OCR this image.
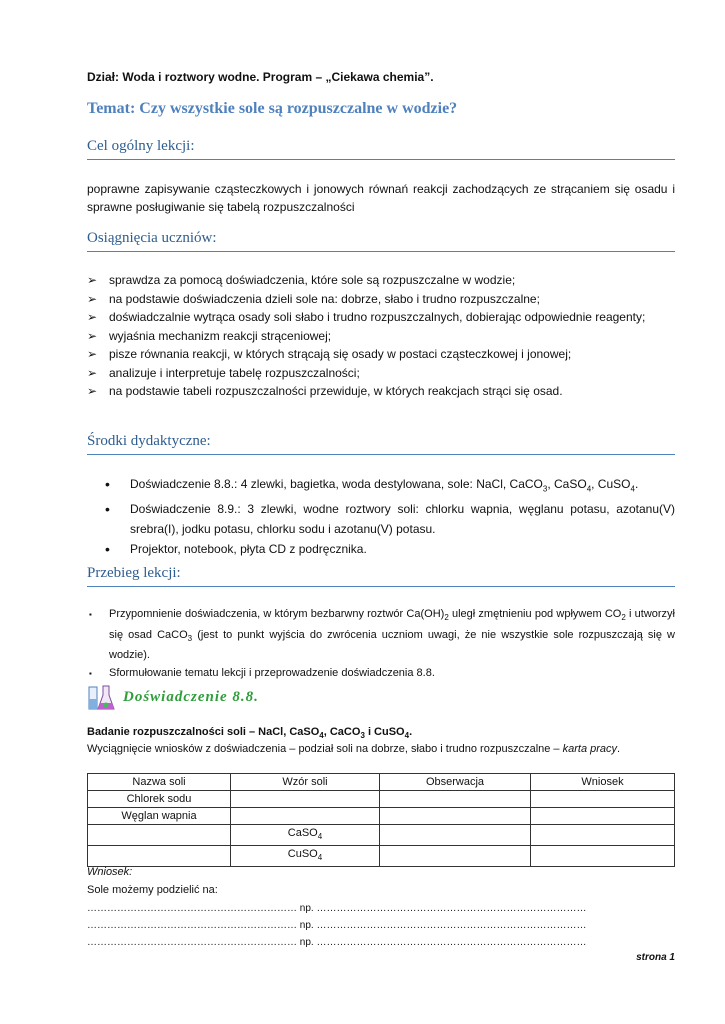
Dział: Woda i roztwory wodne. Program – „Ciekawa chemia”.
Temat: Czy wszystkie sole są rozpuszczalne w wodzie?
Cel ogólny lekcji:
poprawne zapisywanie cząsteczkowych i jonowych równań reakcji zachodzących ze strącaniem się osadu i sprawne posługiwanie się tabelą rozpuszczalności
Osiągnięcia uczniów:
➢ sprawdza za pomocą doświadczenia, które sole są rozpuszczalne w wodzie;
➢ na podstawie doświadczenia dzieli sole na: dobrze, słabo i trudno rozpuszczalne;
➢ doświadczalnie wytrąca osady soli słabo i trudno rozpuszczalnych, dobierając odpowiednie reagenty;
➢ wyjaśnia mechanizm reakcji strąceniowej;
➢ pisze równania reakcji, w których strącają się osady w postaci cząsteczkowej i jonowej;
➢ analizuje i interpretuje tabelę rozpuszczalności;
➢ na podstawie tabeli rozpuszczalności przewiduje, w których reakcjach strąci się osad.
Środki dydaktyczne:
• Doświadczenie 8.8.: 4 zlewki, bagietka, woda destylowana, sole: NaCl, CaCO$_3$, CaSO$_4$, CuSO$_4$.
• Doświadczenie 8.9.: 3 zlewki, wodne roztwory soli: chlorku wapnia, węglanu potasu, azotanu(V) srebra(I), jodku potasu, chlorku sodu i azotanu(V) potasu.
• Projektor, notebook, płyta CD z podręcznika.
Przebieg lekcji:
▪ Przypomnienie doświadczenia, w którym bezbarwny roztwór $Ca(OH)_2$ uległ zmętnieniu pod wpływem $CO_2$ i utworzył się osad CaCO$_3$ (jest to punkt wyjścia do zwrócenia uczniom uwagi, że nie wszystkie sole rozpuszczają się w wodzie).
▪ Sformułowanie tematu lekcji i przeprowadzenie doświadczenia 8.8.
Doświadczenie 8.8.
Badanie rozpuszczalności soli – NaCl, CaSO$_4$, CaCO$_3$ i CuSO$_4$.
Wyciągnięcie wniosków z doświadczenia – podział soli na dobrze, słabo i trudno rozpuszczalne – karta pracy.
Nazwa soli	Wzór soli	Obserwacja	Wniosek
Chlorek sodu			
Węglan wapnia			
	CaSO$_4$		
	CuSO$_4$		
Wniosek:
Sole możemy podzielić na:
……………………………………………………… np. ………………………………………………………………………
……………………………………………………… np. ………………………………………………………………………
……………………………………………………… np. ………………………………………………………………………
strona 1
